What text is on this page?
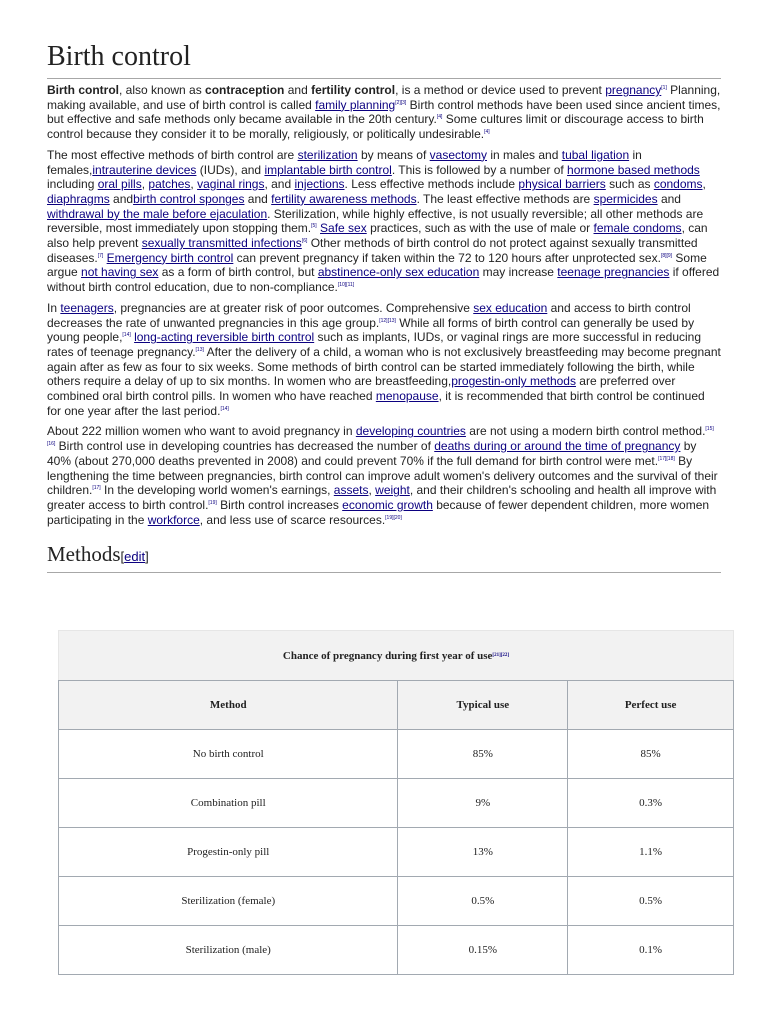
Birth control

Birth control, also known as contraception and fertility control, is a method or device used to prevent pregnancy[1] Planning, making available, and use of birth control is called family planning[2][3] Birth control methods have been used since ancient times, but effective and safe methods only became available in the 20th century.[4] Some cultures limit or discourage access to birth control because they consider it to be morally, religiously, or politically undesirable.[4]

The most effective methods of birth control are sterilization by means of vasectomy in males and tubal ligation in females,intrauterine devices (IUDs), and implantable birth control. This is followed by a number of hormone based methods including oral pills, patches, vaginal rings, and injections. Less effective methods include physical barriers such as condoms, diaphragms andbirth control sponges and fertility awareness methods. The least effective methods are spermicides and withdrawal by the male before ejaculation. Sterilization, while highly effective, is not usually reversible; all other methods are reversible, most immediately upon stopping them.[5] Safe sex practices, such as with the use of male or female condoms, can also help prevent sexually transmitted infections[6] Other methods of birth control do not protect against sexually transmitted diseases.[7] Emergency birth control can prevent pregnancy if taken within the 72 to 120 hours after unprotected sex.[8][9] Some argue not having sex as a form of birth control, but abstinence-only sex education may increase teenage pregnancies if offered without birth control education, due to non-compliance.[10][11]

In teenagers, pregnancies are at greater risk of poor outcomes. Comprehensive sex education and access to birth control decreases the rate of unwanted pregnancies in this age group.[12][13] While all forms of birth control can generally be used by young people,[14] long-acting reversible birth control such as implants, IUDs, or vaginal rings are more successful in reducing rates of teenage pregnancy.[13] After the delivery of a child, a woman who is not exclusively breastfeeding may become pregnant again after as few as four to six weeks. Some methods of birth control can be started immediately following the birth, while others require a delay of up to six months. In women who are breastfeeding,progestin-only methods are preferred over combined oral birth control pills. In women who have reached menopause, it is recommended that birth control be continued for one year after the last period.[14]

About 222 million women who want to avoid pregnancy in developing countries are not using a modern birth control method.[15][16] Birth control use in developing countries has decreased the number of deaths during or around the time of pregnancy by 40% (about 270,000 deaths prevented in 2008) and could prevent 70% if the full demand for birth control were met.[17][18] By lengthening the time between pregnancies, birth control can improve adult women's delivery outcomes and the survival of their children.[17] In the developing world women's earnings, assets, weight, and their children's schooling and health all improve with greater access to birth control.[19] Birth control increases economic growth because of fewer dependent children, more women participating in the workforce, and less use of scarce resources.[19][20]

Methods[edit]
Chance of pregnancy during first year of use [21][22]
Method	Typical use	Perfect use
No birth control	85%	85%
Combination pill	9%	0.3%
Progestin-only pill	13%	1.1%
Sterilization (female)	0.5%	0.5%
Sterilization (male)	0.15%	0.1%
